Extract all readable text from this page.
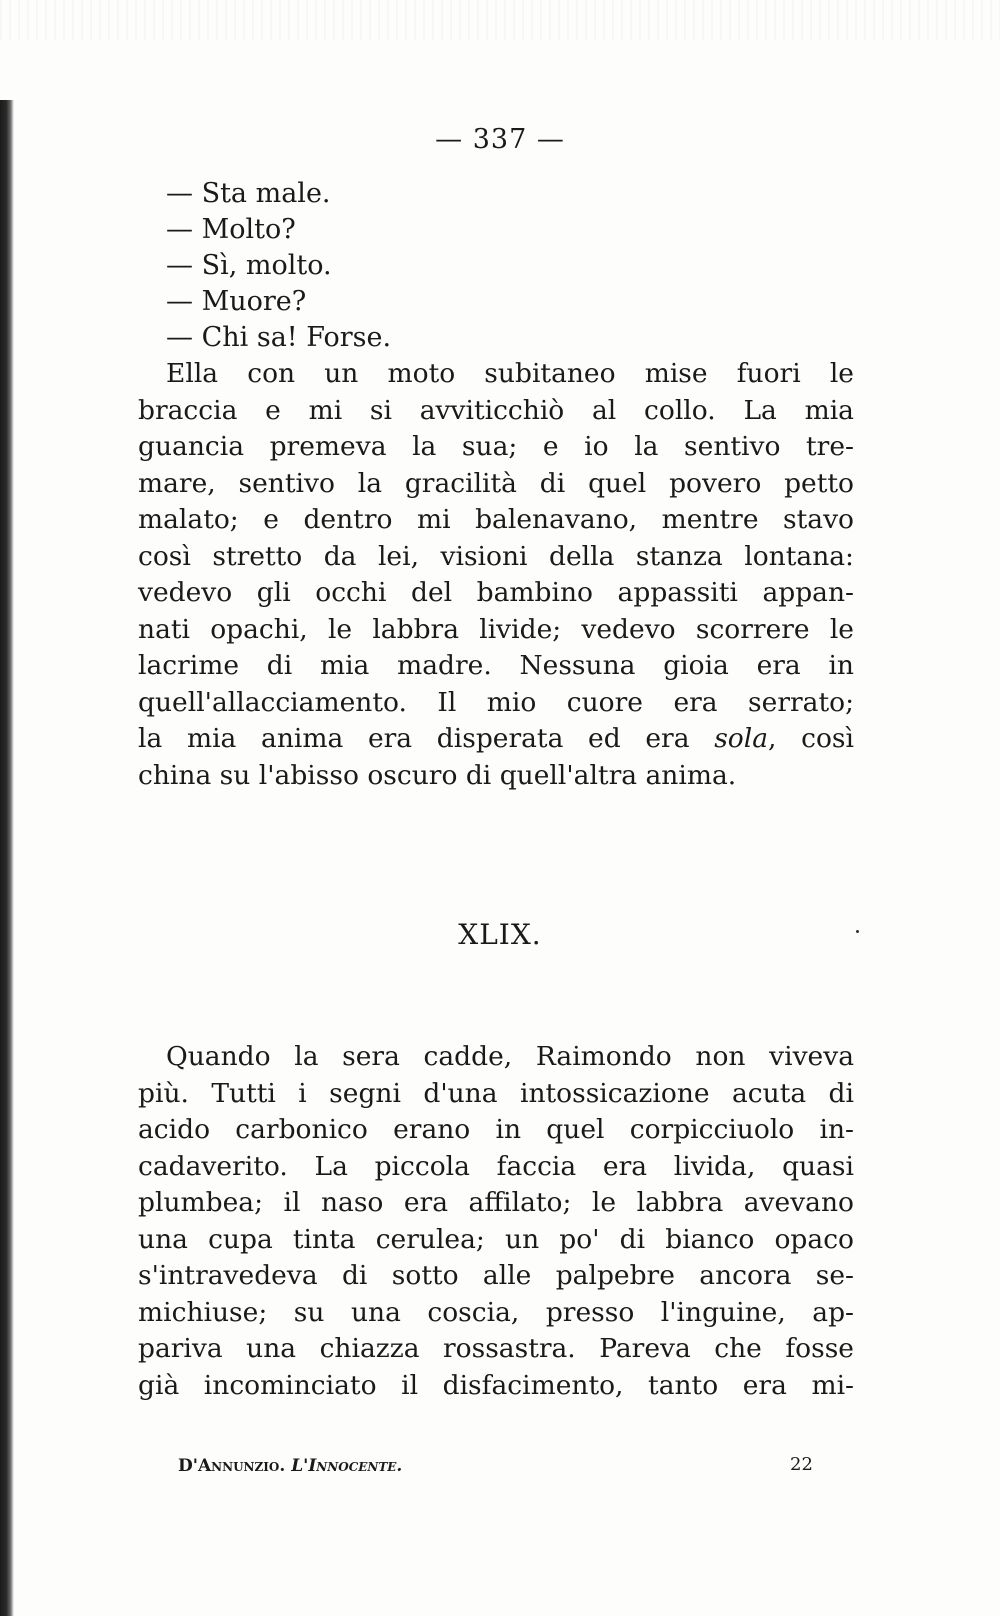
— 337 —
— Sta male.
— Molto?
— Sì, molto.
— Muore?
— Chi sa! Forse.
Ella con un moto subitaneo mise fuori le
braccia e mi si avviticchiò al collo. La mia
guancia premeva la sua; e io la sentivo tre-
mare, sentivo la gracilità di quel povero petto
malato; e dentro mi balenavano, mentre stavo
così stretto da lei, visioni della stanza lontana:
vedevo gli occhi del bambino appassiti appan-
nati opachi, le labbra livide; vedevo scorrere le
lacrime di mia madre. Nessuna gioia era in
quell'allacciamento. Il mio cuore era serrato;
la mia anima era disperata ed era sola, così
china su l'abisso oscuro di quell'altra anima.
XLIX.
Quando la sera cadde, Raimondo non viveva
più. Tutti i segni d'una intossicazione acuta di
acido carbonico erano in quel corpicciuolo in-
cadaverito. La piccola faccia era livida, quasi
plumbea; il naso era affilato; le labbra avevano
una cupa tinta cerulea; un po' di bianco opaco
s'intravedeva di sotto alle palpebre ancora se-
michiuse; su una coscia, presso l'inguine, ap-
pariva una chiazza rossastra. Pareva che fosse
già incominciato il disfacimento, tanto era mi-
D'Annunzio. L'Innocente.	22
